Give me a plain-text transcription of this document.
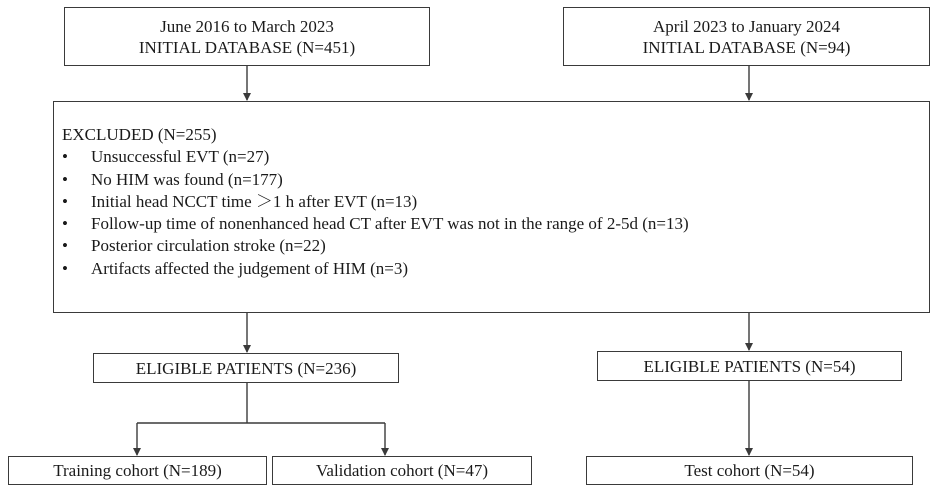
June 2016 to March 2023
INITIAL DATABASE (N=451)
April 2023 to January 2024
INITIAL DATABASE (N=94)
EXCLUDED (N=255)
• Unsuccessful EVT (n=27)
• No HIM was found (n=177)
• Initial head NCCT time ＞1 h after EVT (n=13)
• Follow-up time of nonenhanced head CT after EVT was not in the range of 2-5d (n=13)
• Posterior circulation stroke (n=22)
• Artifacts affected the judgement of HIM (n=3)
ELIGIBLE PATIENTS (N=236)	ELIGIBLE PATIENTS (N=54)
Training cohort (N=189)	Validation cohort (N=47)	Test cohort (N=54)
